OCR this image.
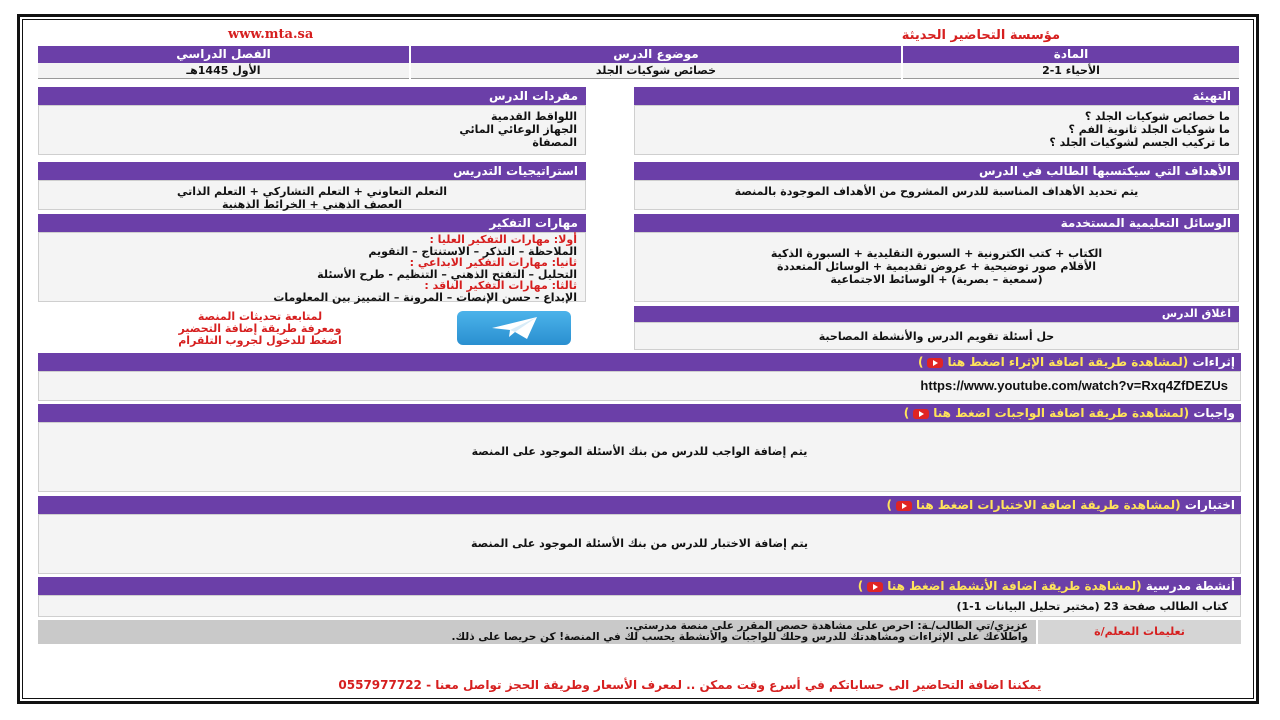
مؤسسة التحاضير الحديثة
www.mta.sa
المادة
موضوع الدرس
الفصل الدراسي
الأحياء 1-2
خصائص شوكيات الجلد
الأول 1445هـ
التهيئة
ما خصائص شوكيات الجلد ؟
ما شوكيات الجلد ثانوية الفم ؟
ما تركيب الجسم لشوكيات الجلد ؟
مفردات الدرس
اللواقط القدمية
الجهاز الوعائي المائي
المصفاة
الأهداف التي سيكتسبها الطالب في الدرس
يتم تحديد الأهداف المناسبة للدرس المشروح من الأهداف الموجودة بالمنصة
استراتيجيات التدريس
التعلم التعاوني + التعلم التشاركي + التعلم الذاتي
العصف الذهني + الخرائط الذهنية
الوسائل التعليمية المستخدمة
الكتاب + كتب الكترونية + السبورة التقليدية + السبورة الذكية
الأقلام صور توضيحية + عروض تقديمية + الوسائل المتعددة
(سمعية – بصرية) + الوسائط الاجتماعية
مهارات التفكير
أولا: مهارات التفكير العليا :
الملاحظة – التذكر – الاستنتاج – التقويم
ثانيا: مهارات التفكير الابداعي :
التحليل – التفتح الذهني – التنظيم - طرح الأسئلة
ثالثا: مهارات التفكير الناقد :
الإبداع - حسن الإنصات – المرونة – التمييز بين المعلومات
اغلاق الدرس
حل أسئلة تقويم الدرس والأنشطة المصاحبة
لمتابعة تحديثات المنصة
ومعرفة طريقة إضافة التحضير
اضغط للدخول لجروب التلقرام
إثراءات (لمشاهدة طريقة اضافة الإثراء اضغط هنا)
https://www.youtube.com/watch?v=Rxq4ZfDEZUs
واجبات (لمشاهدة طريقة اضافة الواجبات اضغط هنا)
يتم إضافة الواجب للدرس من بنك الأسئلة الموجود على المنصة
اختبارات (لمشاهدة طريقة اضافة الاختبارات اضغط هنا)
يتم إضافة الاختبار للدرس من بنك الأسئلة الموجود على المنصة
أنشطة مدرسية (لمشاهدة طريقة اضافة الأنشطة اضغط هنا)
كتاب الطالب صفحة 23 (مختبر تحليل البيانات 1-1)
تعليمات المعلم/ة
عزيزي/تي الطالب/ـة: احرص على مشاهدة حصص المقرر على منصة مدرستي..
واطلاعك على الإثراءات ومشاهدتك للدرس وحلك للواجبات والأنشطة يحسب لك في المنصة! كن حريصا على ذلك.
يمكننا اضافة التحاضير الى حساباتكم في أسرع وقت ممكن .. لمعرف الأسعار وطريقة الحجز تواصل معنا - 0557977722
